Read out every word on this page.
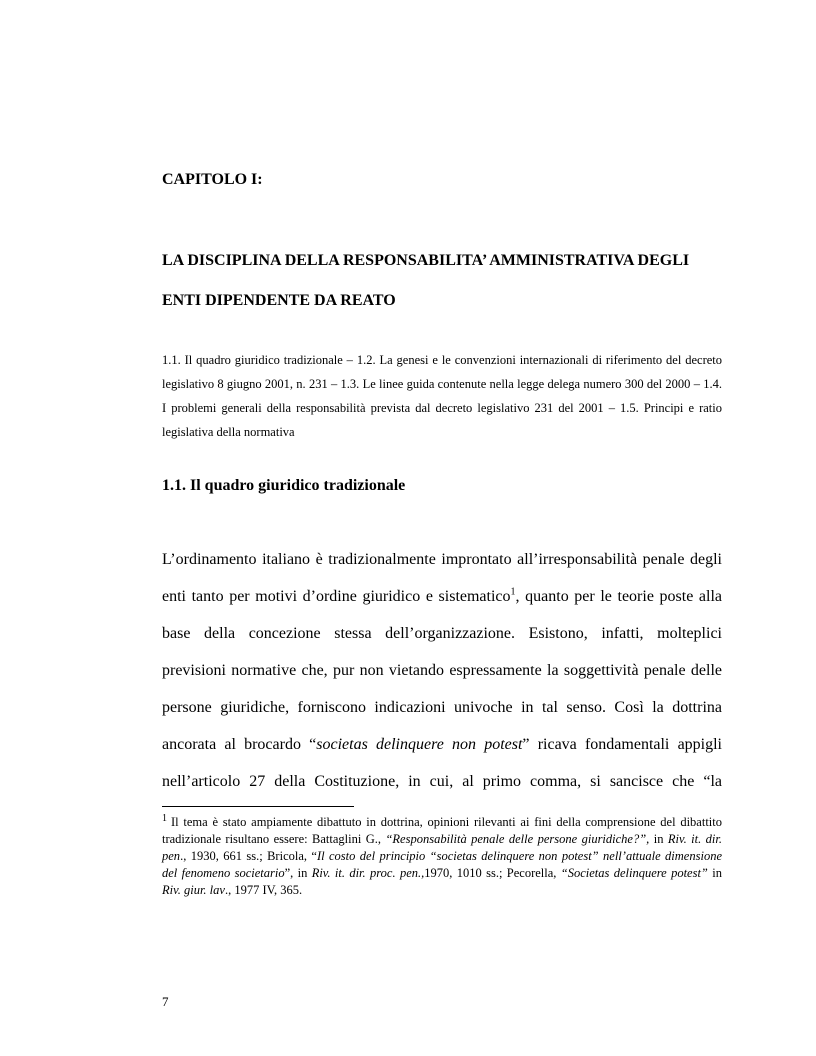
CAPITOLO I:

LA DISCIPLINA DELLA RESPONSABILITA’ AMMINISTRATIVA DEGLI
ENTI DIPENDENTE DA REATO

1.1. Il quadro giuridico tradizionale – 1.2. La genesi e le convenzioni internazionali di riferimento del decreto legislativo 8 giugno 2001, n. 231 – 1.3. Le linee guida contenute nella legge delega numero 300 del 2000 – 1.4. I problemi generali della responsabilità prevista dal decreto legislativo 231 del 2001 – 1.5. Principi e ratio legislativa della normativa

1.1. Il quadro giuridico tradizionale
L’ordinamento italiano è tradizionalmente improntato all’irresponsabilità penale degli
enti tanto per motivi d’ordine giuridico e sistematico$^1$, quanto per le teorie poste alla
base della concezione stessa dell’organizzazione. Esistono, infatti, molteplici
previsioni normative che, pur non vietando espressamente la soggettività penale delle
persone giuridiche, forniscono indicazioni univoche in tal senso. Così la dottrina
ancorata al brocardo “societas delinquere non potest” ricava fondamentali appigli
nell’articolo 27 della Costituzione, in cui, al primo comma, si sancisce che “la

$^1$ Il tema è stato ampiamente dibattuto in dottrina, opinioni rilevanti ai fini della comprensione del dibattito tradizionale risultano essere: Battaglini G., “Responsabilità penale delle persone giuridiche?”, in Riv. it. dir. pen., 1930, 661 ss.; Bricola, “Il costo del principio “societas delinquere non potest” nell’attuale dimensione del fenomeno societario”, in Riv. it. dir. proc. pen.,1970, 1010 ss.; Pecorella, “Societas delinquere potest” in Riv. giur. lav., 1977 IV, 365.

7
